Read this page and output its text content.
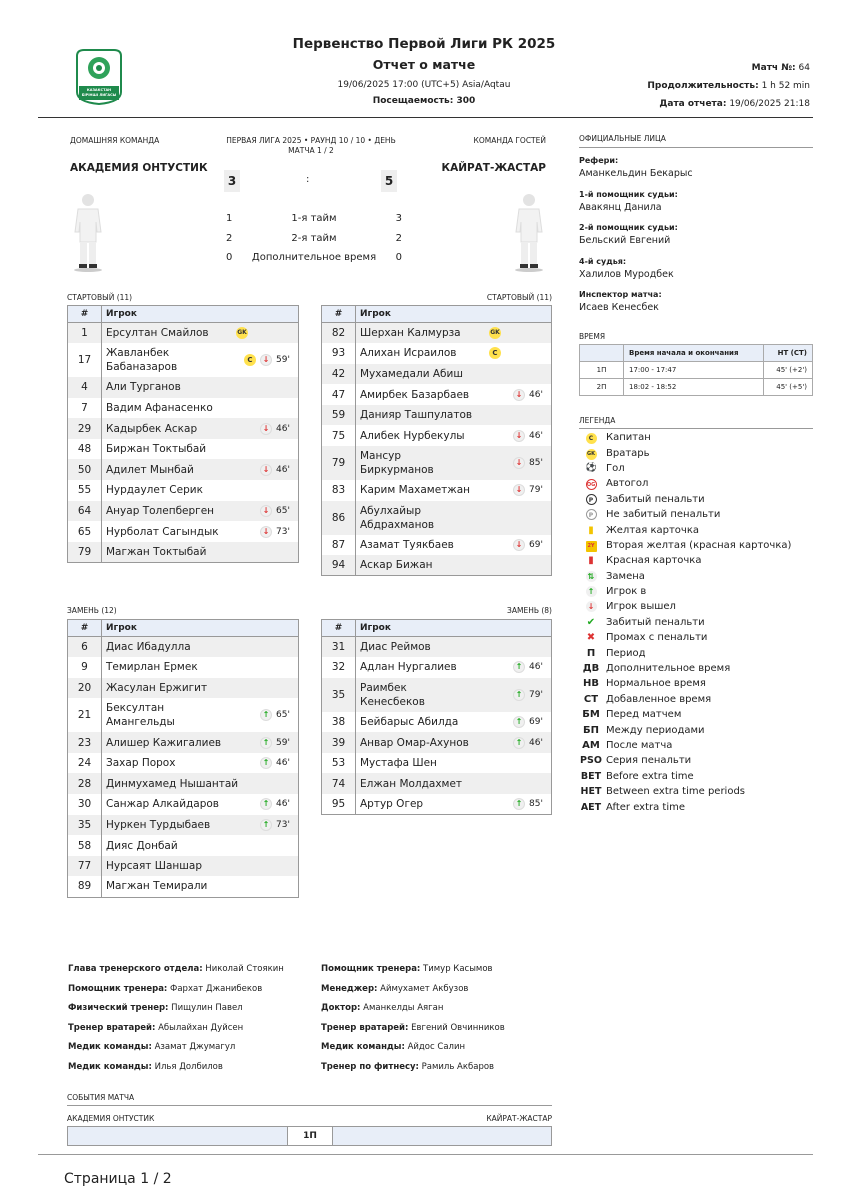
КАЗАКСТАН БІРІНШІ ЛИГАСЫ
Первенство Первой Лиги РК 2025
Отчет о матче
19/06/2025 17:00 (UTC+5) Asia/Aqtau
Посещаемость: 300
Матч №: 64
Продолжительность: 1 h 52 min
Дата отчета: 19/06/2025 21:18
ДОМАШНЯЯ КОМАНДА	ПЕРВАЯ ЛИГА 2025 • РАУНД 10 / 10 • ДЕНЬ МАТЧА 1 / 2
КОМАНДА ГОСТЕЙ
АКАДЕМИЯ ОНТУСТИК	КАЙРАТ-ЖАСТАР
3	:	5
1	1-я тайм	3
2	2-я тайм	2
0	Дополнительное время	0
СТАРТОВЫЙ (11)	СТАРТОВЫЙ (11)
#	Игрок
1	Ерсултан Смайлов GK

17	Жавланбек Бабаназаров
C ↓ 59'

4	Али Турганов

7	Вадим Афанасенко

29	Кадырбек Аскар ↓ 46'

48	Биржан Токтыбай

50	Адилет Мынбай ↓ 46'

55	Нурдаулет Серик

64	Ануар Толепберген ↓ 65'

65	Нурболат Сагындык ↓ 73'

79	Магжан Токтыбай
#	Игрок
82	Шерхан Калмурза GK

93	Алихан Исраилов C

42	Мухамедали Абиш

47	Амирбек Базарбаев ↓ 46'

59	Данияр Ташпулатов

75	Алибек Нурбекулы ↓ 46'

79	Мансур Биркурманов
↓ 85'

83	Карим Махаметжан ↓ 79'

86	Абулхайыр Абдрахманов

87	Азамат Туякбаев ↓ 69'

94	Аскар Бижан
ЗАМЕНЬ (12)	ЗАМЕНЬ (8)
#	Игрок
6	Диас Ибадулла

9	Темирлан Ермек

20	Жасулан Ержигит

21	Бексултан Амангельды
↑ 65'

23	Алишер Кажигалиев ↑ 59'

24	Захар Порох ↑ 46'

28	Динмухамед Нышантай

30	Санжар Алкайдаров ↑ 46'

35	Нуркен Турдыбаев ↑ 73'

58	Дияс Донбай

77	Нурсаят Шаншар

89	Магжан Темирали
#	Игрок
31	Диас Реймов

32	Адлан Нургалиев ↑ 46'

35	Раимбек Кенесбеков
↑ 79'

38	Бейбарыс Абилда ↑ 69'

39	Анвар Омар-Ахунов ↑ 46'

53	Мустафа Шен

74	Елжан Молдахмет

95	Артур Огер ↑ 85'
ОФИЦИАЛЬНЫЕ ЛИЦА
Рефери:
Аманкельдин Бекарыс
1-й помощник судьи:
Авакянц Данила
2-й помощник судьи:
Бельский Евгений
4-й судья:
Халилов Муродбек
Инспектор матча:
Исаев Кенесбек
ВРЕМЯ
	Время начала и окончания	НТ (СТ)
1П	17:00 - 17:47	45' (+2')
2П	18:02 - 18:52	45' (+5')
ЛЕГЕНДА
C	Капитан
GK	Вратарь
⚽ Гол
OG	Автогол
P	Забитый пенальти
P	Не забитый пенальти
▮	Желтая карточка
2Y	Вторая желтая (красная карточка)
▮	Красная карточка
⇅	Замена
↑	Игрок в
↓	Игрок вышел
✔	Забитый пенальти
✖	Промах с пенальти
П	Период
ДВ Дополнительное время
НВ Нормальное время
СТ Добавленное время
БМ Перед матчем
БП Между периодами
АМ После матча
PSO Серия пенальти
BET Before extra time
HET Between extra time periods
AET After extra time
Глава тренерского отдела: Николай Стоякин
Помощник тренера: Фархат Джанибеков
Физический тренер: Пищулин Павел
Тренер вратарей: Абылайхан Дуйсен
Медик команды: Азамат Джумагул
Медик команды: Илья Долбилов
Помощник тренера: Тимур Касымов
Менеджер: Аймухамет Акбузов
Доктор: Аманкелды Аяган
Тренер вратарей: Евгений Овчинников
Медик команды: Айдос Салин
Тренер по фитнесу: Рамиль Акбаров
СОБЫТИЯ МАТЧА
АКАДЕМИЯ ОНТУСТИК	КАЙРАТ-ЖАСТАР
1П
Страница 1 / 2
